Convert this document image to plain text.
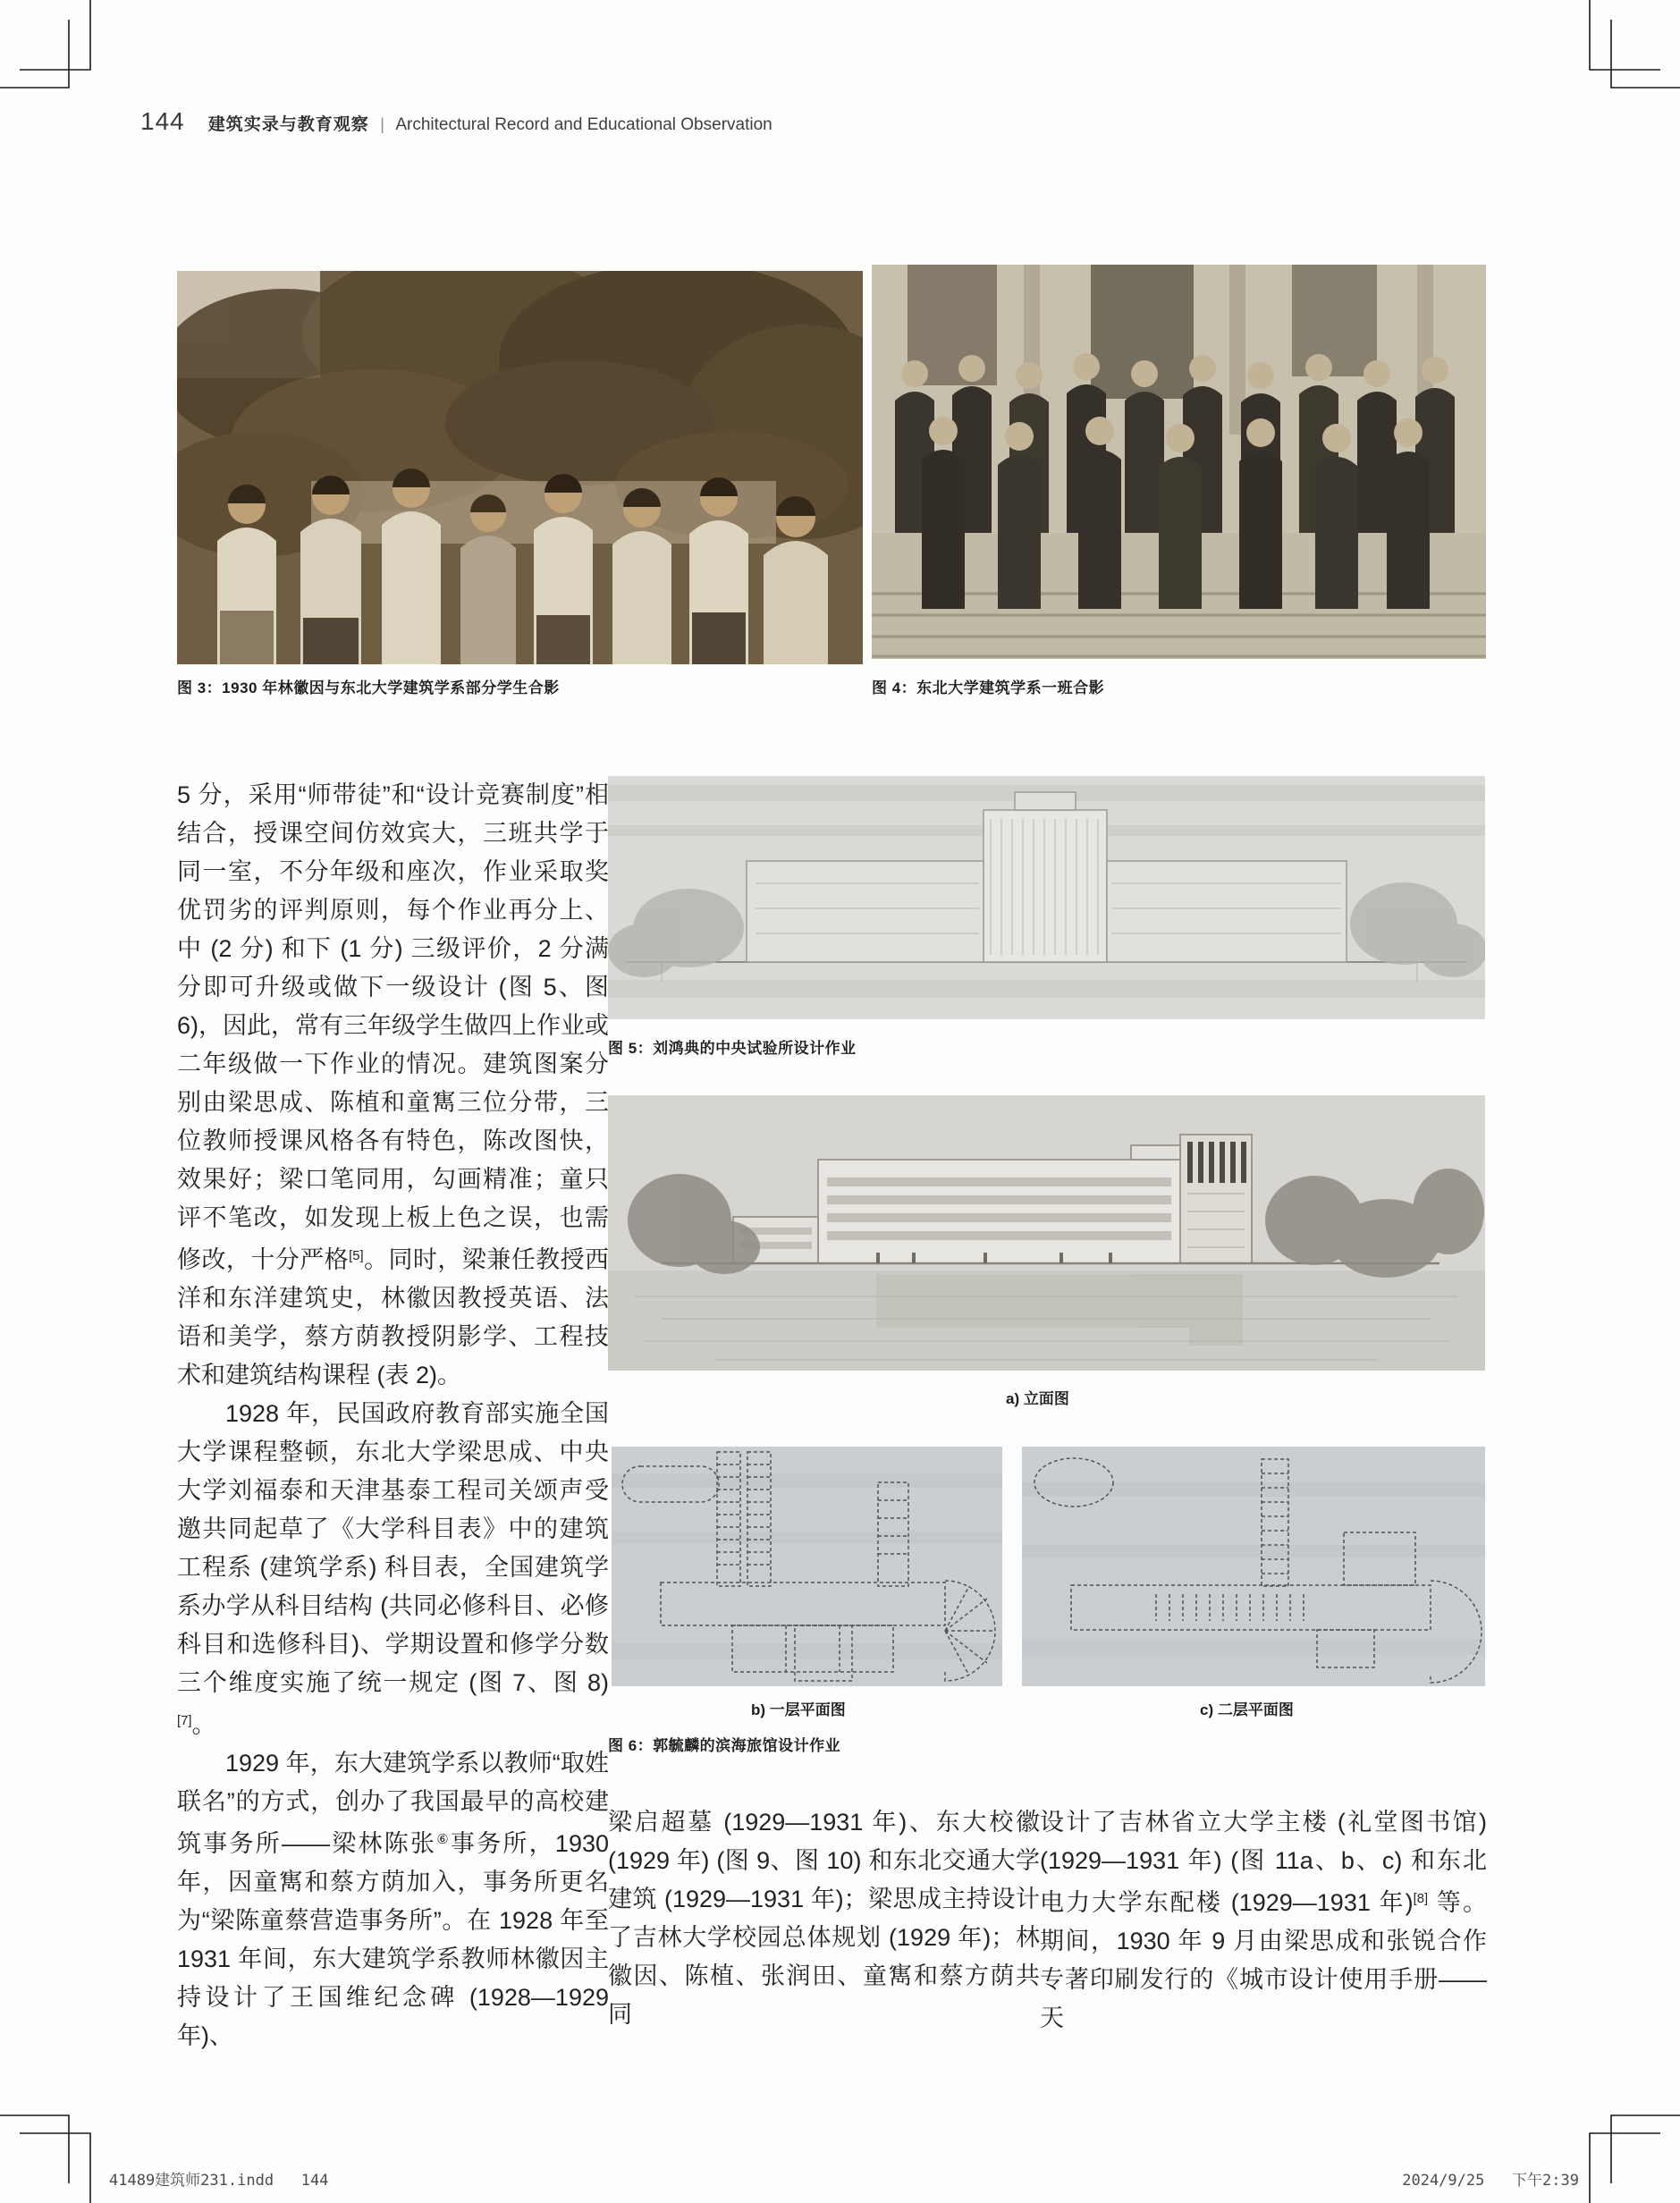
144 建筑实录与教育观察 | Architectural Record and Educational Observation
图 3：1930 年林徽因与东北大学建筑学系部分学生合影	图 4：东北大学建筑学系一班合影
图 5：刘鸿典的中央试验所设计作业
a) 立面图
b) 一层平面图	c) 二层平面图
图 6：郭毓麟的滨海旅馆设计作业

5 分，采用“师带徒”和“设计竞赛制度”相结合，授课空间仿效宾大，三班共学于同一室，不分年级和座次，作业采取奖优罚劣的评判原则，每个作业再分上、中 (2 分) 和下 (1 分) 三级评价，2 分满分即可升级或做下一级设计 (图 5、图 6)，因此，常有三年级学生做四上作业或二年级做一下作业的情况。建筑图案分别由梁思成、陈植和童寯三位分带，三位教师授课风格各有特色，陈改图快，效果好；梁口笔同用，勾画精准；童只评不笔改，如发现上板上色之误，也需修改，十分严格[5]。同时，梁兼任教授西洋和东洋建筑史，林徽因教授英语、法语和美学，蔡方荫教授阴影学、工程技术和建筑结构课程 (表 2)。

1928 年，民国政府教育部实施全国大学课程整顿，东北大学梁思成、中央大学刘福泰和天津基泰工程司关颂声受邀共同起草了《大学科目表》中的建筑工程系 (建筑学系) 科目表，全国建筑学系办学从科目结构 (共同必修科目、必修科目和选修科目)、学期设置和修学分数三个维度实施了统一规定 (图 7、图 8)[7]。

1929 年，东大建筑学系以教师“取姓联名”的方式，创办了我国最早的高校建筑事务所——梁林陈张⑥事务所，1930 年，因童寯和蔡方荫加入，事务所更名为“梁陈童蔡营造事务所”。在 1928 年至 1931 年间，东大建筑学系教师林徽因主持设计了王国维纪念碑 (1928—1929 年)、

梁启超墓 (1929—1931 年)、东大校徽 (1929 年) (图 9、图 10) 和东北交通大学建筑 (1929—1931 年)；梁思成主持设计了吉林大学校园总体规划 (1929 年)；林徽因、陈植、张润田、童寯和蔡方荫共同

设计了吉林省立大学主楼 (礼堂图书馆) (1929—1931 年) (图 11a、b、c) 和东北电力大学东配楼 (1929—1931 年)[8] 等。期间，1930 年 9 月由梁思成和张锐合作专著印刷发行的《城市设计使用手册——天

41489建筑师231.indd   144	2024/9/25   下午2:39
